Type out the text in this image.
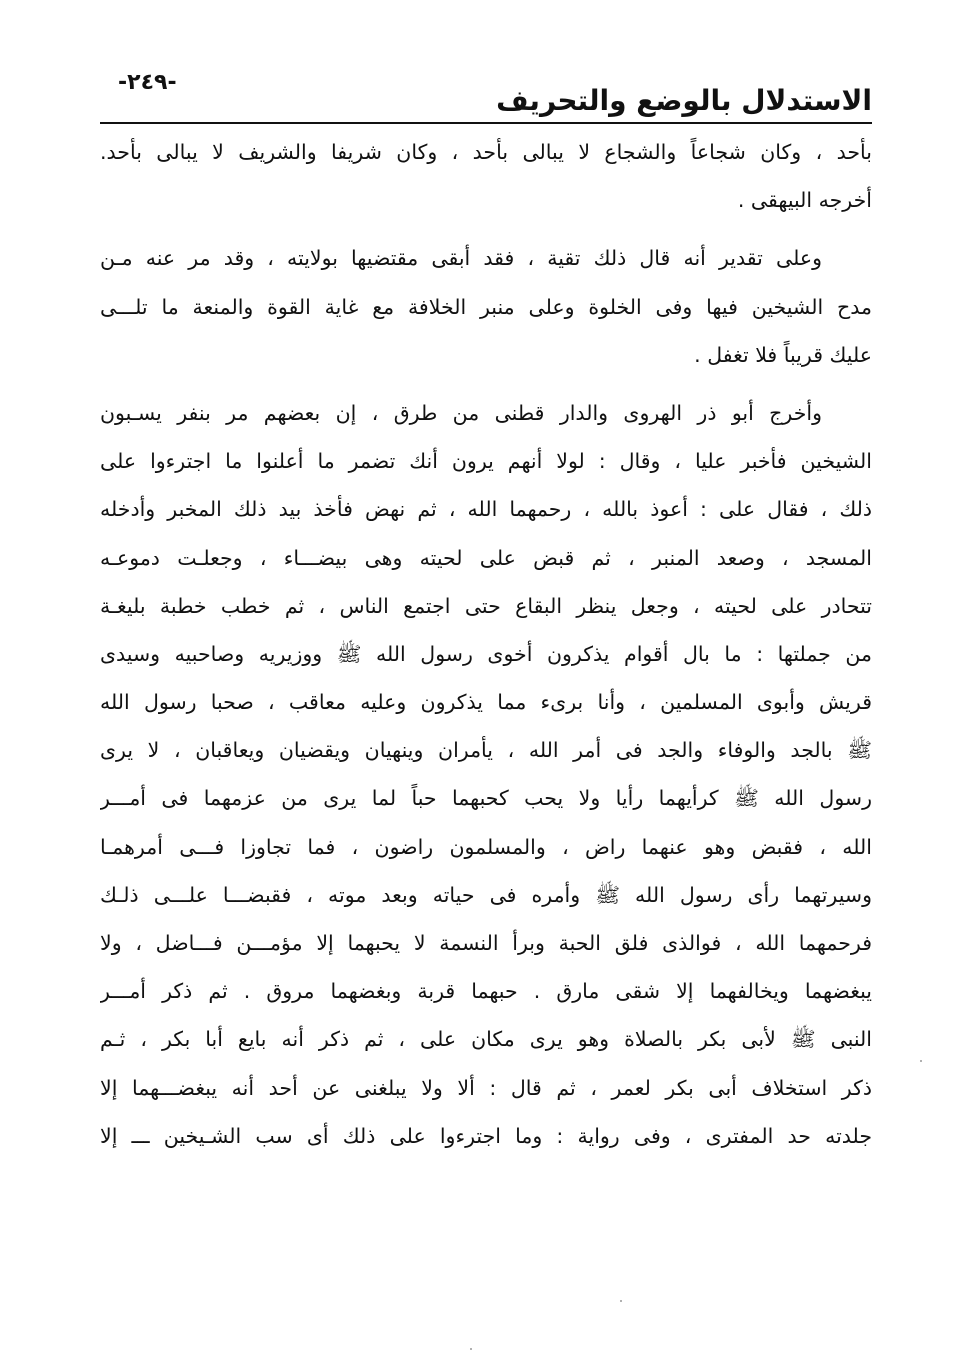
-٢٤٩-
الاستدلال بالوضع والتحريف
بأحد ، وكان شجاعاً والشجاع لا يبالى بأحد ، وكان شريفا والشريف لا يبالى بأحد.
أخرجه البيهقى .
وعلى تقدير أنه قال ذلك تقية ، فقد أبقى مقتضيها بولايته ، وقد مر عنه مـن
مدح الشيخين فيها وفى الخلوة وعلى منبر الخلافة مع غاية القوة والمنعة ما تلـــى
عليك قريباً فلا تغفل .
وأخرج أبو ذر الهروى والدار قطنى من طرق ، إن بعضهم مر بنفر يسـبون
الشيخين فأخبر عليا ، وقال : لولا أنهم يرون أنك تضمر ما أعلنوا ما اجترءوا على
ذلك ، فقال على : أعوذ بالله ، رحمهما الله ، ثم نهض فأخذ بيد ذلك المخبر وأدخله
المسجد ، وصعد المنبر ، ثم قبض على لحيته وهى بيضـــاء ، وجعلـت دموعـه
تتحادر على لحيته ، وجعل ينظر البقاع حتى اجتمع الناس ، ثم خطب خطبة بليغـة
من جملتها : ما بال أقوام يذكرون أخوى رسول الله ﷺ ووزيريه وصاحبيه وسيدى
قريش وأبوى المسلمين ، وأنا برىء مما يذكرون وعليه معاقب ، صحبا رسول الله
ﷺ بالجد والوفاء والجد فى أمر الله ، يأمران وينهيان ويقضيان ويعاقبان ، لا يرى
رسول الله ﷺ كرأيهما رأيا ولا يحب كحبهما حباً لما يرى من عزمهما فى أمـــر
الله ، فقبض وهو عنهما راض ، والمسلمون راضون ، فما تجاوزا فـــى أمرهمـا
وسيرتهما رأى رسول الله ﷺ وأمره فى حياته وبعد موته ، فقبضـــا علـــى ذلـك
فرحمهما الله ، فوالذى فلق الحبة وبرأ النسمة لا يحبهما إلا مؤمـــن فـــاضل ، ولا
يبغضهما ويخالفهما إلا شقى مارق . حبهما قربة وبغضهما مروق . ثم ذكر أمـــر
النبى ﷺ لأبى بكر بالصلاة وهو يرى مكان على ، ثم ذكر أنه بايع أبا بكر ، ثـم
ذكر استخلاف أبى بكر لعمر ، ثم قال : ألا ولا يبلغنى عن أحد أنه يبغضـــهما إلا
جلدته حد المفترى ، وفى رواية : وما اجترءوا على ذلك أى سب الشـيخين ـــ إلا
